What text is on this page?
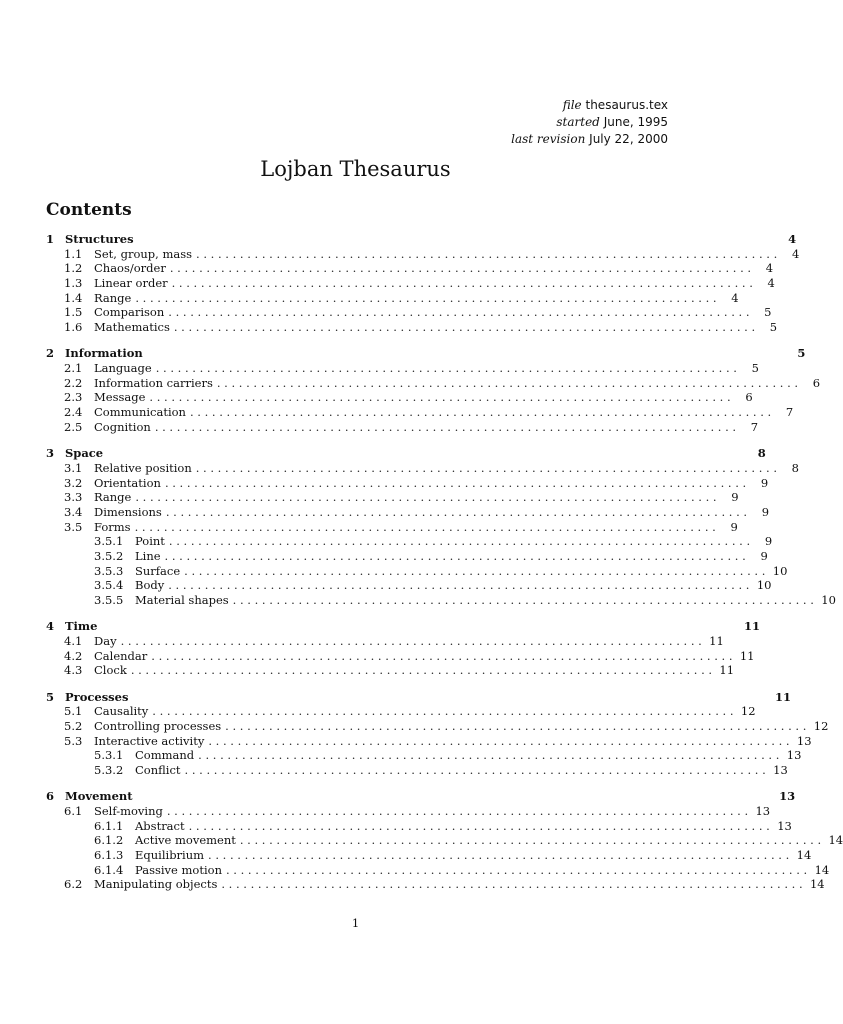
file thesaurus.tex
started June, 1995
last revision July 22, 2000
Lojban Thesaurus
Contents
1 Structures	4
1.1	Set, group, mass . . . . . . . . . . . . . . . . . . . . . . . . . . . . . . . . . . . . . . . . . . . . . . . . . . . . . . . . . . . . . . . . . . . . . . . . . . . . . . . .	4
1.2	Chaos/order . . . . . . . . . . . . . . . . . . . . . . . . . . . . . . . . . . . . . . . . . . . . . . . . . . . . . . . . . . . . . . . . . . . . . . . . . . . . . . . .	4
1.3	Linear order . . . . . . . . . . . . . . . . . . . . . . . . . . . . . . . . . . . . . . . . . . . . . . . . . . . . . . . . . . . . . . . . . . . . . . . . . . . . . . . .	4
1.4	Range . . . . . . . . . . . . . . . . . . . . . . . . . . . . . . . . . . . . . . . . . . . . . . . . . . . . . . . . . . . . . . . . . . . . . . . . . . . . . . . .	4
1.5	Comparison . . . . . . . . . . . . . . . . . . . . . . . . . . . . . . . . . . . . . . . . . . . . . . . . . . . . . . . . . . . . . . . . . . . . . . . . . . . . . . . .	5
1.6	Mathematics . . . . . . . . . . . . . . . . . . . . . . . . . . . . . . . . . . . . . . . . . . . . . . . . . . . . . . . . . . . . . . . . . . . . . . . . . . . . . . . .	5
2 Information	5
2.1	Language . . . . . . . . . . . . . . . . . . . . . . . . . . . . . . . . . . . . . . . . . . . . . . . . . . . . . . . . . . . . . . . . . . . . . . . . . . . . . . . .	5
2.2	Information carriers . . . . . . . . . . . . . . . . . . . . . . . . . . . . . . . . . . . . . . . . . . . . . . . . . . . . . . . . . . . . . . . . . . . . . . . . . . . . . . . .	6
2.3	Message . . . . . . . . . . . . . . . . . . . . . . . . . . . . . . . . . . . . . . . . . . . . . . . . . . . . . . . . . . . . . . . . . . . . . . . . . . . . . . . .	6
2.4	Communication . . . . . . . . . . . . . . . . . . . . . . . . . . . . . . . . . . . . . . . . . . . . . . . . . . . . . . . . . . . . . . . . . . . . . . . . . . . . . . . .	7
2.5	Cognition . . . . . . . . . . . . . . . . . . . . . . . . . . . . . . . . . . . . . . . . . . . . . . . . . . . . . . . . . . . . . . . . . . . . . . . . . . . . . . . .	7
3 Space	8
3.1	Relative position . . . . . . . . . . . . . . . . . . . . . . . . . . . . . . . . . . . . . . . . . . . . . . . . . . . . . . . . . . . . . . . . . . . . . . . . . . . . . . . .	8
3.2	Orientation . . . . . . . . . . . . . . . . . . . . . . . . . . . . . . . . . . . . . . . . . . . . . . . . . . . . . . . . . . . . . . . . . . . . . . . . . . . . . . . .	9
3.3	Range . . . . . . . . . . . . . . . . . . . . . . . . . . . . . . . . . . . . . . . . . . . . . . . . . . . . . . . . . . . . . . . . . . . . . . . . . . . . . . . .	9
3.4	Dimensions . . . . . . . . . . . . . . . . . . . . . . . . . . . . . . . . . . . . . . . . . . . . . . . . . . . . . . . . . . . . . . . . . . . . . . . . . . . . . . . .	9
3.5	Forms . . . . . . . . . . . . . . . . . . . . . . . . . . . . . . . . . . . . . . . . . . . . . . . . . . . . . . . . . . . . . . . . . . . . . . . . . . . . . . . .	9
3.5.1	Point . . . . . . . . . . . . . . . . . . . . . . . . . . . . . . . . . . . . . . . . . . . . . . . . . . . . . . . . . . . . . . . . . . . . . . . . . . . . . . . .	9
3.5.2	Line . . . . . . . . . . . . . . . . . . . . . . . . . . . . . . . . . . . . . . . . . . . . . . . . . . . . . . . . . . . . . . . . . . . . . . . . . . . . . . . .	9
3.5.3	Surface . . . . . . . . . . . . . . . . . . . . . . . . . . . . . . . . . . . . . . . . . . . . . . . . . . . . . . . . . . . . . . . . . . . . . . . . . . . . . . . . 10
3.5.4	Body . . . . . . . . . . . . . . . . . . . . . . . . . . . . . . . . . . . . . . . . . . . . . . . . . . . . . . . . . . . . . . . . . . . . . . . . . . . . . . . . 10
3.5.5	Material shapes . . . . . . . . . . . . . . . . . . . . . . . . . . . . . . . . . . . . . . . . . . . . . . . . . . . . . . . . . . . . . . . . . . . . . . . . . . . . . . . . 10
4 Time	11
4.1	Day . . . . . . . . . . . . . . . . . . . . . . . . . . . . . . . . . . . . . . . . . . . . . . . . . . . . . . . . . . . . . . . . . . . . . . . . . . . . . . . . 11
4.2	Calendar . . . . . . . . . . . . . . . . . . . . . . . . . . . . . . . . . . . . . . . . . . . . . . . . . . . . . . . . . . . . . . . . . . . . . . . . . . . . . . . . 11
4.3	Clock . . . . . . . . . . . . . . . . . . . . . . . . . . . . . . . . . . . . . . . . . . . . . . . . . . . . . . . . . . . . . . . . . . . . . . . . . . . . . . . . 11
5 Processes	11
5.1	Causality . . . . . . . . . . . . . . . . . . . . . . . . . . . . . . . . . . . . . . . . . . . . . . . . . . . . . . . . . . . . . . . . . . . . . . . . . . . . . . . . 12
5.2	Controlling processes . . . . . . . . . . . . . . . . . . . . . . . . . . . . . . . . . . . . . . . . . . . . . . . . . . . . . . . . . . . . . . . . . . . . . . . . . . . . . . . . 12
5.3	Interactive activity . . . . . . . . . . . . . . . . . . . . . . . . . . . . . . . . . . . . . . . . . . . . . . . . . . . . . . . . . . . . . . . . . . . . . . . . . . . . . . . . 13
5.3.1	Command . . . . . . . . . . . . . . . . . . . . . . . . . . . . . . . . . . . . . . . . . . . . . . . . . . . . . . . . . . . . . . . . . . . . . . . . . . . . . . . . 13
5.3.2	Conflict . . . . . . . . . . . . . . . . . . . . . . . . . . . . . . . . . . . . . . . . . . . . . . . . . . . . . . . . . . . . . . . . . . . . . . . . . . . . . . . . 13
6 Movement	13
6.1	Self-moving . . . . . . . . . . . . . . . . . . . . . . . . . . . . . . . . . . . . . . . . . . . . . . . . . . . . . . . . . . . . . . . . . . . . . . . . . . . . . . . . 13
6.1.1	Abstract . . . . . . . . . . . . . . . . . . . . . . . . . . . . . . . . . . . . . . . . . . . . . . . . . . . . . . . . . . . . . . . . . . . . . . . . . . . . . . . . 13
6.1.2	Active movement . . . . . . . . . . . . . . . . . . . . . . . . . . . . . . . . . . . . . . . . . . . . . . . . . . . . . . . . . . . . . . . . . . . . . . . . . . . . . . . . 14
6.1.3	Equilibrium . . . . . . . . . . . . . . . . . . . . . . . . . . . . . . . . . . . . . . . . . . . . . . . . . . . . . . . . . . . . . . . . . . . . . . . . . . . . . . . . 14
6.1.4	Passive motion . . . . . . . . . . . . . . . . . . . . . . . . . . . . . . . . . . . . . . . . . . . . . . . . . . . . . . . . . . . . . . . . . . . . . . . . . . . . . . . . 14
6.2	Manipulating objects . . . . . . . . . . . . . . . . . . . . . . . . . . . . . . . . . . . . . . . . . . . . . . . . . . . . . . . . . . . . . . . . . . . . . . . . . . . . . . . . 14
1
